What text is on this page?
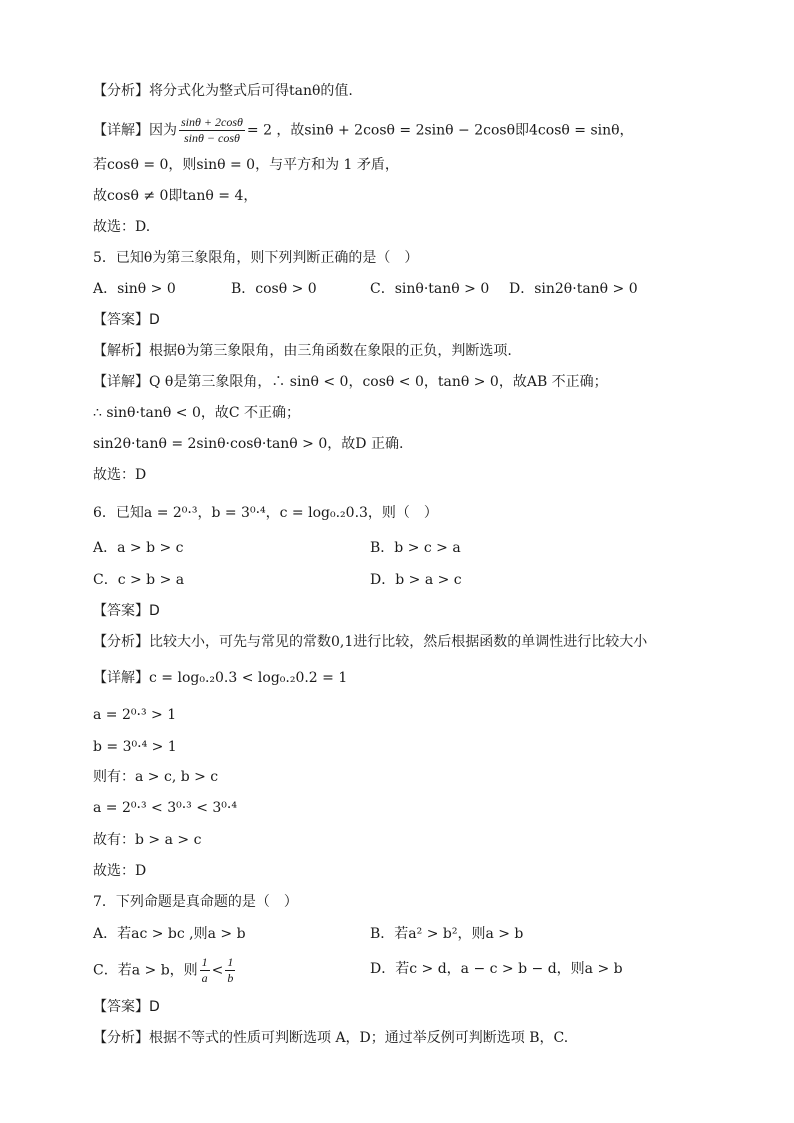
【分析】将分式化为整式后可得tanθ的值.
【详解】因为 $\frac{\sin\theta + 2\cos\theta}{\sin\theta - \cos\theta} = 2$ ，故sinθ + 2cosθ = 2sinθ − 2cosθ即4cosθ = sinθ，
若cosθ = 0，则sinθ = 0，与平方和为 1 矛盾，
故cosθ ≠ 0即tanθ = 4，
故选：D.
5．已知θ为第三象限角，则下列判断正确的是（　）
A．sinθ > 0	B．cosθ > 0	C．sinθ·tanθ > 0 D．sin2θ·tanθ > 0
【答案】D
【解析】根据θ为第三象限角，由三角函数在象限的正负，判断选项.
【详解】Q θ是第三象限角，∴ sinθ < 0，cosθ < 0，tanθ > 0，故AB 不正确；
∴ sinθ·tanθ < 0，故C 不正确；
sin2θ·tanθ = 2sinθ·cosθ·tanθ > 0，故D 正确.
故选：D
6．已知a = 2⁰·³，b = 3⁰·⁴，c = log₀.₂0.3，则（　）
A．a > b > c	B．b > c > a
C．c > b > a	D．b > a > c
【答案】D
【分析】比较大小，可先与常见的常数0,1进行比较，然后根据函数的单调性进行比较大小
【详解】c = log₀.₂0.3 < log₀.₂0.2 = 1
a = 2⁰·³ > 1
b = 3⁰·⁴ > 1
则有：a > c, b > c
a = 2⁰·³ < 3⁰·³ < 3⁰·⁴
故有：b > a > c
故选：D
7．下列命题是真命题的是（　）
A．若ac > bc ,则a > b	B．若a² > b²，则a > b
C．若a > b，则 $\frac{1}{a} < \frac{1}{b}$	D．若c > d，a − c > b − d，则a > b
【答案】D
【分析】根据不等式的性质可判断选项 A，D；通过举反例可判断选项 B，C.
